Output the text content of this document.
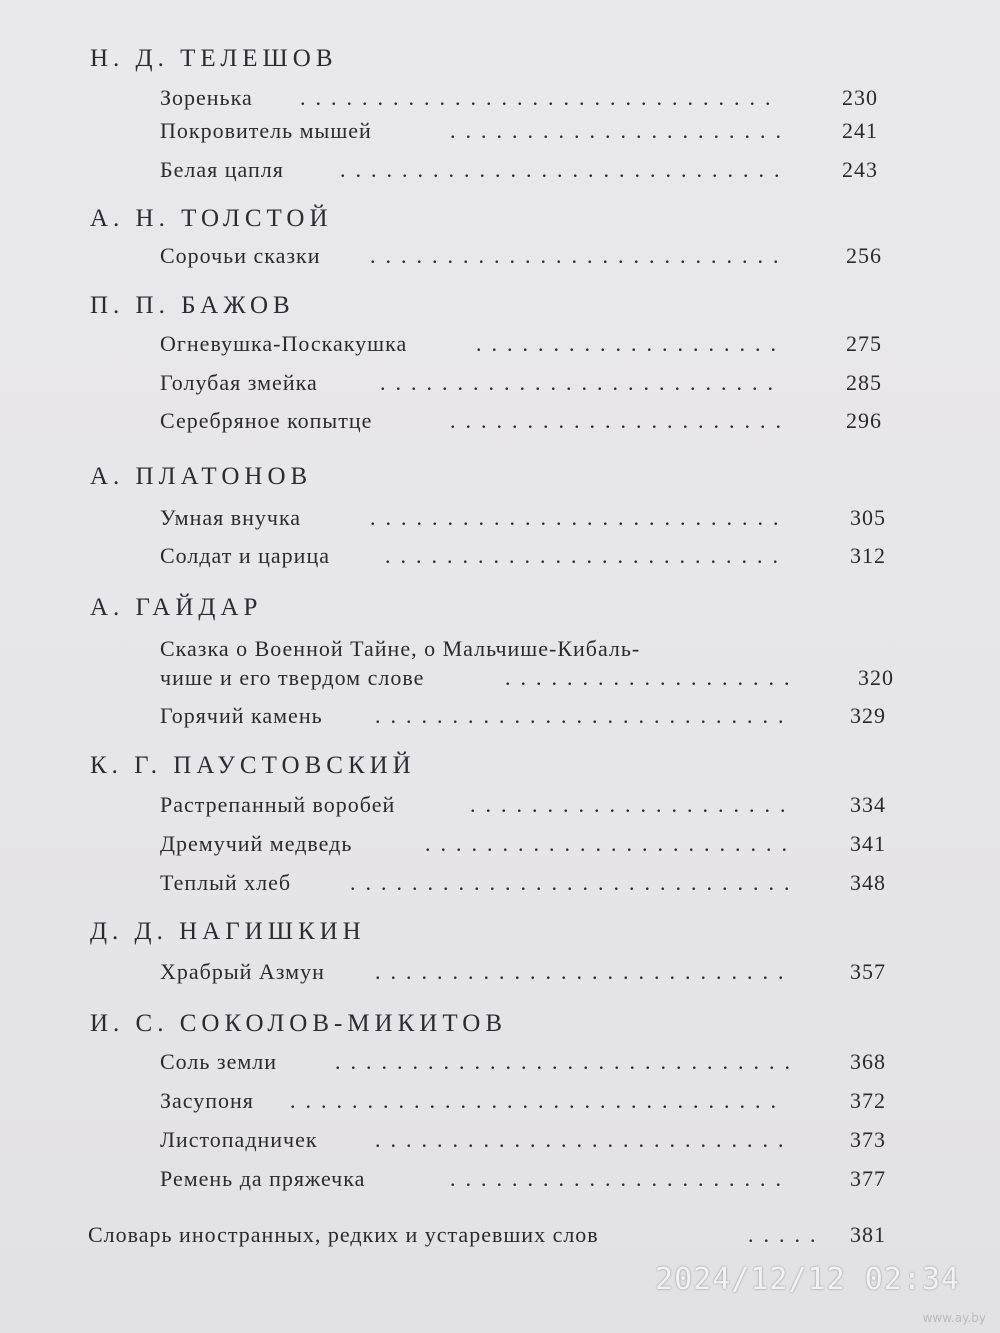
Н. Д. ТЕЛЕШОВ
Зоренька ...............................	230
Покровитель мышей	......................	241
Белая цапля	.............................	243
А. Н. ТОЛСТОЙ
Сорочьи сказки ...........................	256
П. П. БАЖОВ
Огневушка-Поскакушка	....................	275
Голубая змейка	..........................	285
Серебряное копытце	......................	296
А. ПЛАТОНОВ
Умная внучка	...........................	305
Солдат и царица	..........................	312
А. ГАЙДАР
Сказка о Военной Тайне, о Мальчише-Кибаль-
чише и его твердом слове	...................	320
Горячий камень ...........................	329
К. Г. ПАУСТОВСКИЙ
Растрепанный воробей	.....................	334
Дремучий медведь	........................	341
Теплый хлеб	.............................	348
Д. Д. НАГИШКИН
Храбрый Азмун ...........................	357
И. С. СОКОЛОВ-МИКИТОВ
Соль земли	..............................	368
Засупоня ................................	372
Листопадничек	...........................	373
Ремень да пряжечка	......................	377
Словарь иностранных, редких и устаревших слов	.....	381
2024/12/12 02:34
www.ay.by
